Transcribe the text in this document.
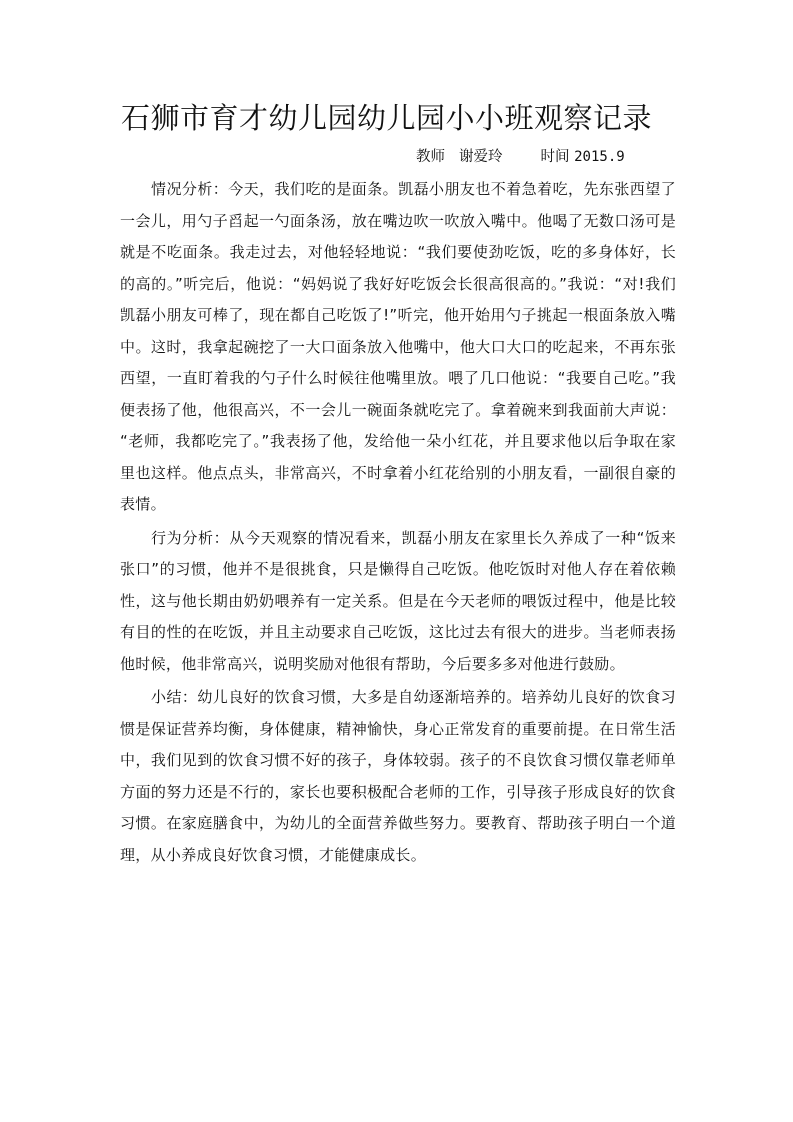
石狮市育才幼儿园幼儿园小小班观察记录
教师 谢爱玲	时间 2015.9

情况分析：今天，我们吃的是面条。凯磊小朋友也不着急着吃，先东张西望了一会儿，用勺子舀起一勺面条汤，放在嘴边吹一吹放入嘴中。他喝了无数口汤可是就是不吃面条。我走过去，对他轻轻地说：“我们要使劲吃饭，吃的多身体好，长的高的。”听完后，他说：“妈妈说了我好好吃饭会长很高很高的。”我说：“对!我们凯磊小朋友可棒了，现在都自己吃饭了!”听完，他开始用勺子挑起一根面条放入嘴中。这时，我拿起碗挖了一大口面条放入他嘴中，他大口大口的吃起来，不再东张西望，一直盯着我的勺子什么时候往他嘴里放。喂了几口他说：“我要自己吃。”我便表扬了他，他很高兴，不一会儿一碗面条就吃完了。拿着碗来到我面前大声说： “老师，我都吃完了。”我表扬了他，发给他一朵小红花，并且要求他以后争取在家里也这样。他点点头，非常高兴，不时拿着小红花给别的小朋友看，一副很自豪的表情。

行为分析：从今天观察的情况看来，凯磊小朋友在家里长久养成了一种“饭来张口”的习惯，他并不是很挑食，只是懒得自己吃饭。他吃饭时对他人存在着依赖性，这与他长期由奶奶喂养有一定关系。但是在今天老师的喂饭过程中，他是比较有目的性的在吃饭，并且主动要求自己吃饭，这比过去有很大的进步。当老师表扬他时候，他非常高兴，说明奖励对他很有帮助，今后要多多对他进行鼓励。

小结：幼儿良好的饮食习惯，大多是自幼逐渐培养的。培养幼儿良好的饮食习惯是保证营养均衡，身体健康，精神愉快，身心正常发育的重要前提。在日常生活中，我们见到的饮食习惯不好的孩子，身体较弱。孩子的不良饮食习惯仅靠老师单方面的努力还是不行的，家长也要积极配合老师的工作，引导孩子形成良好的饮食习惯。在家庭膳食中，为幼儿的全面营养做些努力。要教育、帮助孩子明白一个道理，从小养成良好饮食习惯，才能健康成长。
